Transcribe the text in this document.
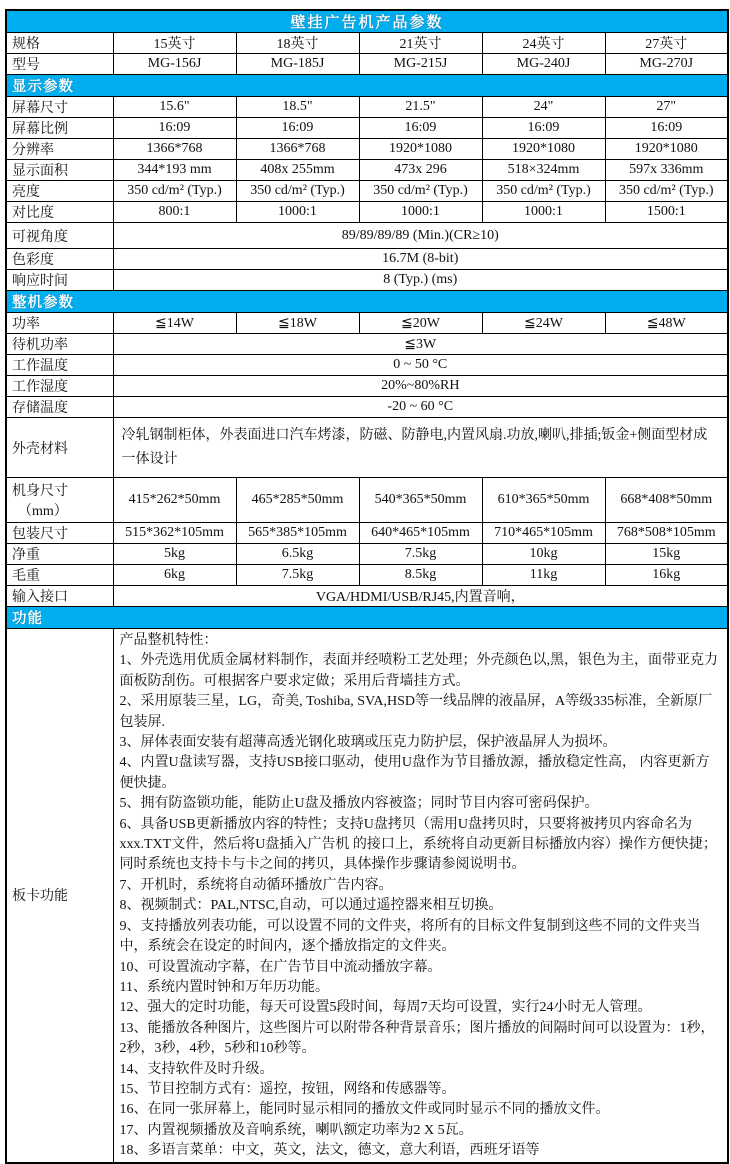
壁挂广告机产品参数					
规格	15英寸	18英寸	21英寸	24英寸	27英寸
型号	MG-156J	MG-185J	MG-215J	MG-240J	MG-270J
显示参数					
屏幕尺寸	15.6"	18.5"	21.5"	24"	27"
屏幕比例	16:09	16:09	16:09	16:09	16:09
分辨率	1366*768	1366*768	1920*1080	1920*1080	1920*1080
显示面积	344*193 mm	408x 255mm	473x 296	518×324mm	597x 336mm
亮度	350 cd/m² (Typ.)	350 cd/m² (Typ.)	350 cd/m² (Typ.)	350 cd/m² (Typ.)	350 cd/m² (Typ.)
对比度	800:1	1000:1	1000:1	1000:1	1500:1
可视角度	89/89/89/89 (Min.)(CR≥10)				
色彩度	16.7M (8-bit)				
响应时间	8 (Typ.) (ms)				
整机参数					
功率	≦14W	≦18W	≦20W	≦24W	≦48W
待机功率	≦3W				
工作温度	0 ~ 50 °C				
工作湿度	20%~80%RH				
存储温度	-20 ~ 60 °C				
外壳材料	冷轧钢制柜体，外表面进口汽车烤漆，防磁、防静电,内置风扇.功放,喇叭,排插;钣金+侧面型材成一体设计				

机身尺寸
（mm）	415*262*50mm	465*285*50mm	540*365*50mm	610*365*50mm	668*408*50mm
包装尺寸	515*362*105mm	565*385*105mm	640*465*105mm	710*465*105mm	768*508*105mm
净重	5kg	6.5kg	7.5kg	10kg	15kg
毛重	6kg	7.5kg	8.5kg	11kg	16kg
输入接口	VGA/HDMI/USB/RJ45,内置音响，				
功能					
板卡功能	
产品整机特性：
1、外壳选用优质金属材料制作，表面并经喷粉工艺处理；外壳颜色以,黑，银色为主，面带亚克力面板防刮伤。可根据客户要求定做；采用后背墙挂方式。
2、采用原装三星，LG，奇美, Toshiba, SVA,HSD等一线品牌的液晶屏，A等级335标准，全新原厂包装屏.
3、屏体表面安装有超薄高透光钢化玻璃或压克力防护层，保护液晶屏人为损坏。
4、内置U盘读写器，支持USB接口驱动，使用U盘作为节目播放源，播放稳定性高， 内容更新方便快捷。
5、拥有防盗锁功能，能防止U盘及播放内容被盗；同时节目内容可密码保护。
6、具备USB更新播放内容的特性；支持U盘拷贝（需用U盘拷贝时，只要将被拷贝内容命名为xxx.TXT文件，然后将U盘插入广告机 的接口上，系统将自动更新目标播放内容）操作方便快捷；同时系统也支持卡与卡之间的拷贝，具体操作步骤请参阅说明书。
7、开机时，系统将自动循环播放广告内容。
8、视频制式：PAL,NTSC,自动，可以通过遥控器来相互切换。
9、支持播放列表功能，可以设置不同的文件夹，将所有的目标文件复制到这些不同的文件夹当中，系统会在设定的时间内，逐个播放指定的文件夹。
10、可设置流动字幕，在广告节目中流动播放字幕。
11、系统内置时钟和万年历功能。
12、强大的定时功能，每天可设置5段时间，每周7天均可设置，实行24小时无人管理。
13、能播放各种图片，这些图片可以附带各种背景音乐；图片播放的间隔时间可以设置为：1秒，2秒，3秒，4秒，5秒和10秒等。
14、支持软件及时升级。
15、节目控制方式有：遥控，按钮，网络和传感器等。
16、在同一张屏幕上，能同时显示相同的播放文件或同时显示不同的播放文件。
17、内置视频播放及音响系统，喇叭额定功率为2 X 5瓦。
18、多语言菜单：中文，英文，法文，德文，意大利语，西班牙语等
